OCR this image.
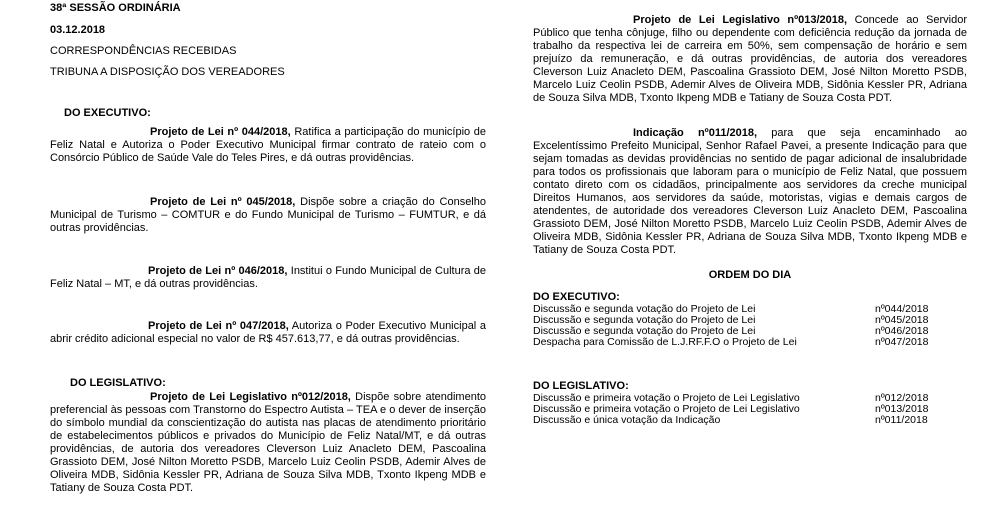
38ª SESSÃO ORDINÁRIA

03.12.2018

CORRESPONDÊNCIAS RECEBIDAS

TRIBUNA A DISPOSIÇÃO DOS VEREADORES

DO EXECUTIVO:

Projeto de Lei nº 044/2018, Ratifica a participação do município de Feliz Natal e Autoriza o Poder Executivo Municipal firmar contrato de rateio com o Consórcio Público de Saúde Vale do Teles Pires, e dá outras providências.

Projeto de Lei nº 045/2018, Dispõe sobre a criação do Conselho Municipal de Turismo – COMTUR e do Fundo Municipal de Turismo – FUMTUR, e dá outras providências.

Projeto de Lei nº 046/2018, Institui o Fundo Municipal de Cultura de Feliz Natal – MT, e dá outras providências.

Projeto de Lei nº 047/2018, Autoriza o Poder Executivo Municipal a abrir crédito adicional especial no valor de R$ 457.613,77, e dá outras providências.

DO LEGISLATIVO:

Projeto de Lei Legislativo nº012/2018, Dispõe sobre atendimento preferencial às pessoas com Transtorno do Espectro Autista – TEA e o dever de inserção do símbolo mundial da conscientização do autista nas placas de atendimento prioritário de estabelecimentos públicos e privados do Município de Feliz Natal/MT, e dá outras providências, de autoria dos vereadores Cleverson Luiz Anacleto DEM, Pascoalina Grassioto DEM, José Nilton Moretto PSDB, Marcelo Luiz Ceolin PSDB, Ademir Alves de Oliveira MDB, Sidônia Kessler PR, Adriana de Souza Silva MDB, Txonto Ikpeng MDB e Tatiany de Souza Costa PDT.

Projeto de Lei Legislativo nº013/2018, Concede ao Servidor Público que tenha cônjuge, filho ou dependente com deficiência redução da jornada de trabalho da respectiva lei de carreira em 50%, sem compensação de horário e sem prejuízo da remuneração, e dá outras providências, de autoria dos vereadores Cleverson Luiz Anacleto DEM, Pascoalina Grassioto DEM, José Nilton Moretto PSDB, Marcelo Luiz Ceolin PSDB, Ademir Alves de Oliveira MDB, Sidônia Kessler PR, Adriana de Souza Silva MDB, Txonto Ikpeng MDB e Tatiany de Souza Costa PDT.

Indicação nº011/2018, para que seja encaminhado ao Excelentíssimo Prefeito Municipal, Senhor Rafael Pavei, a presente Indicação para que sejam tomadas as devidas providências no sentido de pagar adicional de insalubridade para todos os profissionais que laboram para o município de Feliz Natal, que possuem contato direto com os cidadãos, principalmente aos servidores da creche municipal Direitos Humanos, aos servidores da saúde, motoristas, vigias e demais cargos de atendentes, de autoridade dos vereadores Cleverson Luiz Anacleto DEM, Pascoalina Grassioto DEM, José Nilton Moretto PSDB, Marcelo Luiz Ceolin PSDB, Ademir Alves de Oliveira MDB, Sidônia Kessler PR, Adriana de Souza Silva MDB, Txonto Ikpeng MDB e Tatiany de Souza Costa PDT.

ORDEM DO DIA

DO EXECUTIVO:

Discussão e segunda votação do Projeto de Lei	nº044/2018
Discussão e segunda votação do Projeto de Lei	nº045/2018
Discussão e segunda votação do Projeto de Lei	nº046/2018
Despacha para Comissão de L.J.RF.F.O o Projeto de Lei	nº047/2018

DO LEGISLATIVO:

Discussão e primeira votação o Projeto de Lei Legislativo	nº012/2018
Discussão e primeira votação o Projeto de Lei Legislativo	nº013/2018
Discussão e única votação da Indicação	nº011/2018
